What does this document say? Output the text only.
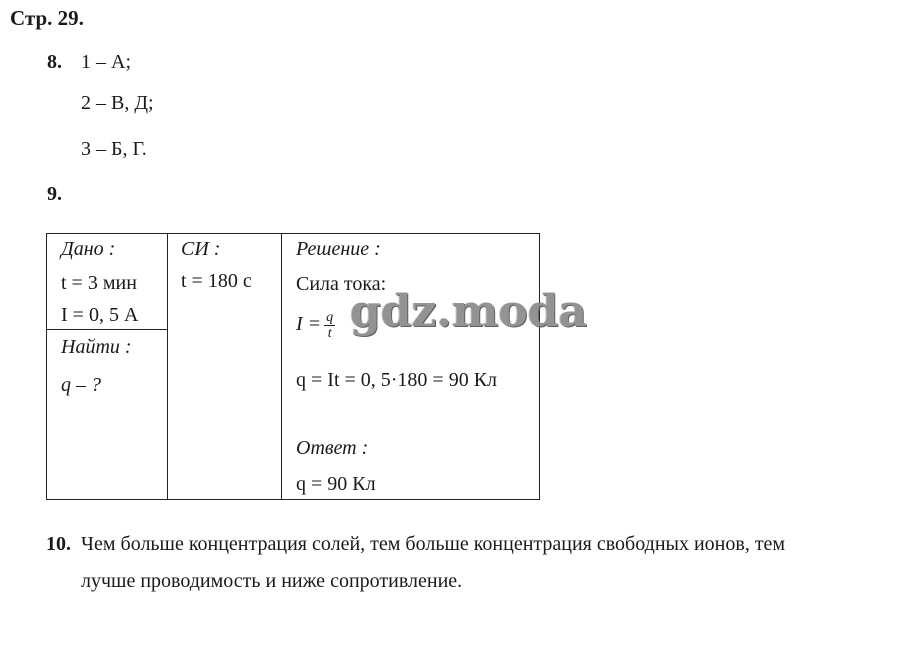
Стр. 29.
8. 1 – А;
2 – В, Д;
3 – Б, Г.
9.
Дано :
t = 3 мин
I = 0, 5 А
Найти :
q – ?
СИ :
t = 180 с
Решение :
Сила тока:
$I = \frac{q}{t}$
q = It = 0, 5·180 = 90 Кл
Ответ :
q = 90 Кл
gdz.moda
10. Чем больше концентрация солей, тем больше концентрация свободных ионов, тем
лучше проводимость и ниже сопротивление.
